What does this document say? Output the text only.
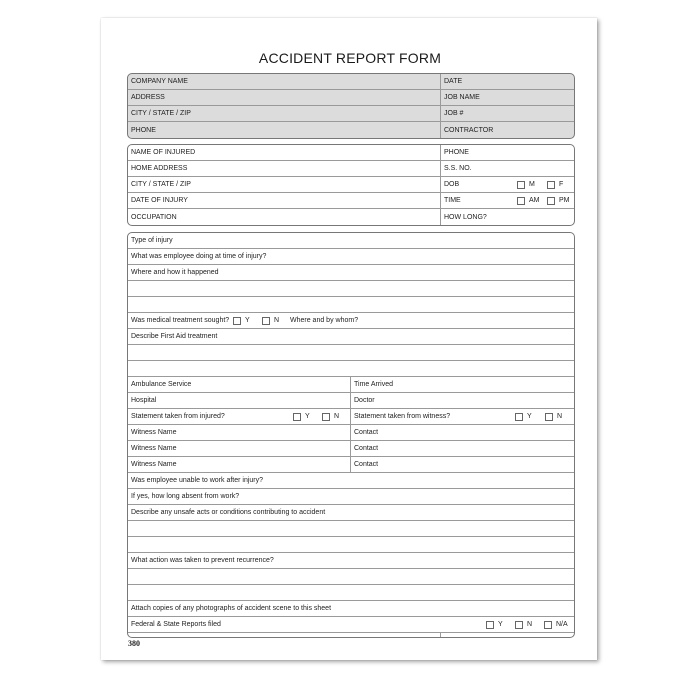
ACCIDENT REPORT FORM
COMPANY NAME	DATE
ADDRESS	JOB NAME
CITY / STATE / ZIP	JOB #
PHONE	CONTRACTOR
NAME OF INJURED	PHONE
HOME ADDRESS	S.S. NO.
CITY / STATE / ZIP	DOB	M	F
DATE OF INJURY	TIME	AM	PM
OCCUPATION	HOW LONG?
Type of injury
What was employee doing at time of injury?
Where and how it happened
Was medical treatment sought? Y	N	Where and by whom?
Describe First Aid treatment
Ambulance Service	Time Arrived
Hospital	Doctor
Statement taken from injured?	Y	N	Statement taken from witness?	Y	N
Witness Name	Contact
Witness Name	Contact
Witness Name	Contact
Was employee unable to work after injury?
If yes, how long absent from work?
Describe any unsafe acts or conditions contributing to accident
What action was taken to prevent recurrence?
Attach copies of any photographs of accident scene to this sheet
Federal & State Reports filed	Y	N	N/A
380
